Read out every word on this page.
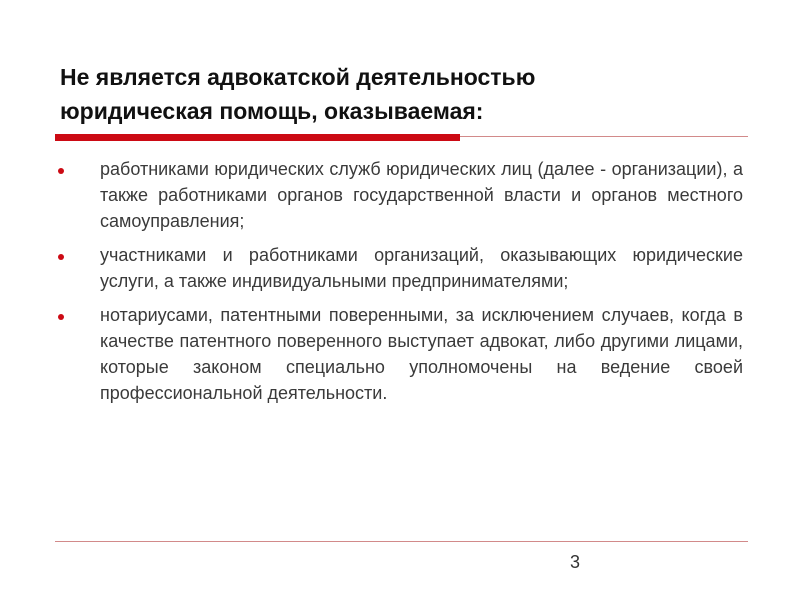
Не является адвокатской деятельностью
юридическая помощь, оказываемая:
работниками юридических служб юридических лиц (далее - организации), а также работниками органов государственной власти и органов местного самоуправления;
участниками и работниками организаций, оказывающих юридические услуги, а также индивидуальными предпринимателями;
нотариусами, патентными поверенными, за исключением случаев, когда в качестве патентного поверенного выступает адвокат, либо другими лицами, которые законом специально уполномочены на ведение своей профессиональной деятельности.
3
